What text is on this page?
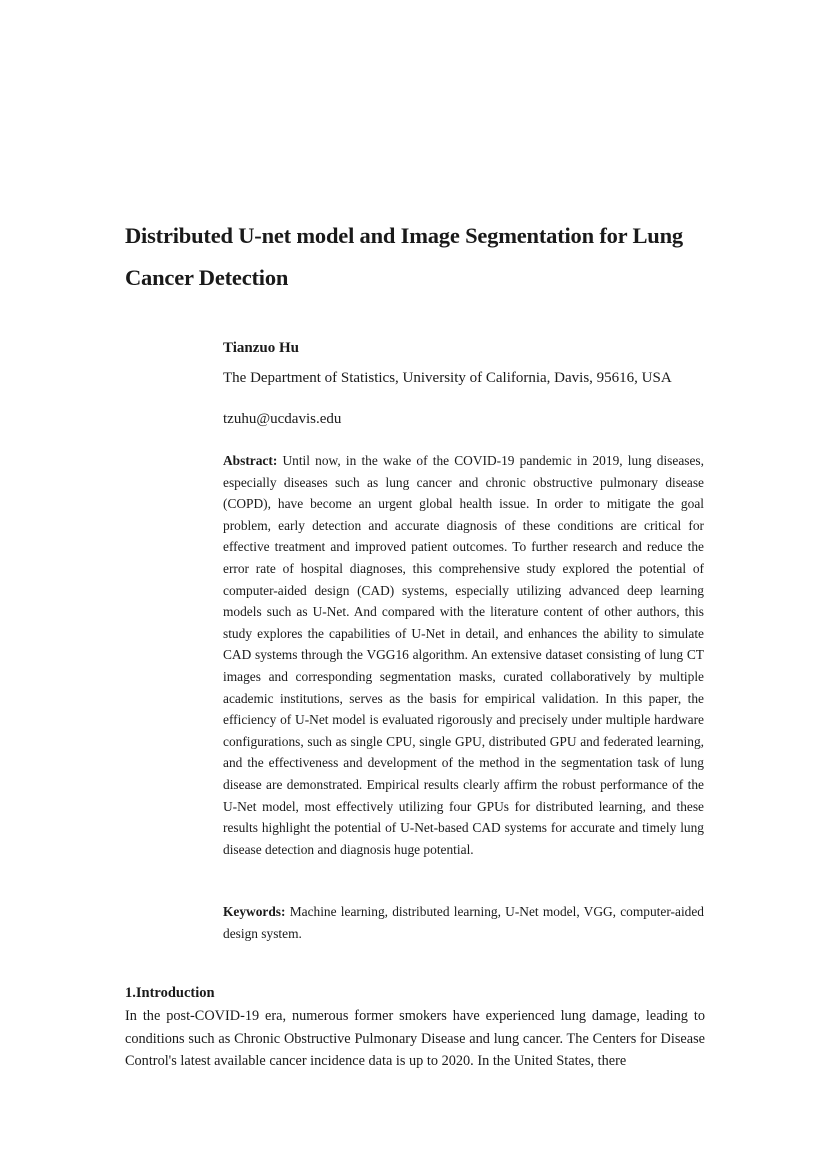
Distributed U-net model and Image Segmentation for Lung Cancer Detection

Tianzuo Hu

The Department of Statistics, University of California, Davis, 95616, USA

tzuhu@ucdavis.edu

Abstract: Until now, in the wake of the COVID-19 pandemic in 2019, lung diseases, especially diseases such as lung cancer and chronic obstructive pulmonary disease (COPD), have become an urgent global health issue. In order to mitigate the goal problem, early detection and accurate diagnosis of these conditions are critical for effective treatment and improved patient outcomes. To further research and reduce the error rate of hospital diagnoses, this comprehensive study explored the potential of computer-aided design (CAD) systems, especially utilizing advanced deep learning models such as U-Net. And compared with the literature content of other authors, this study explores the capabilities of U-Net in detail, and enhances the ability to simulate CAD systems through the VGG16 algorithm. An extensive dataset consisting of lung CT images and corresponding segmentation masks, curated collaboratively by multiple academic institutions, serves as the basis for empirical validation. In this paper, the efficiency of U-Net model is evaluated rigorously and precisely under multiple hardware configurations, such as single CPU, single GPU, distributed GPU and federated learning, and the effectiveness and development of the method in the segmentation task of lung disease are demonstrated. Empirical results clearly affirm the robust performance of the U-Net model, most effectively utilizing four GPUs for distributed learning, and these results highlight the potential of U-Net-based CAD systems for accurate and timely lung disease detection and diagnosis huge potential.

Keywords: Machine learning, distributed learning, U-Net model, VGG, computer-aided design system.

1.Introduction

In the post-COVID-19 era, numerous former smokers have experienced lung damage, leading to conditions such as Chronic Obstructive Pulmonary Disease and lung cancer. The Centers for Disease Control's latest available cancer incidence data is up to 2020. In the United States, there
